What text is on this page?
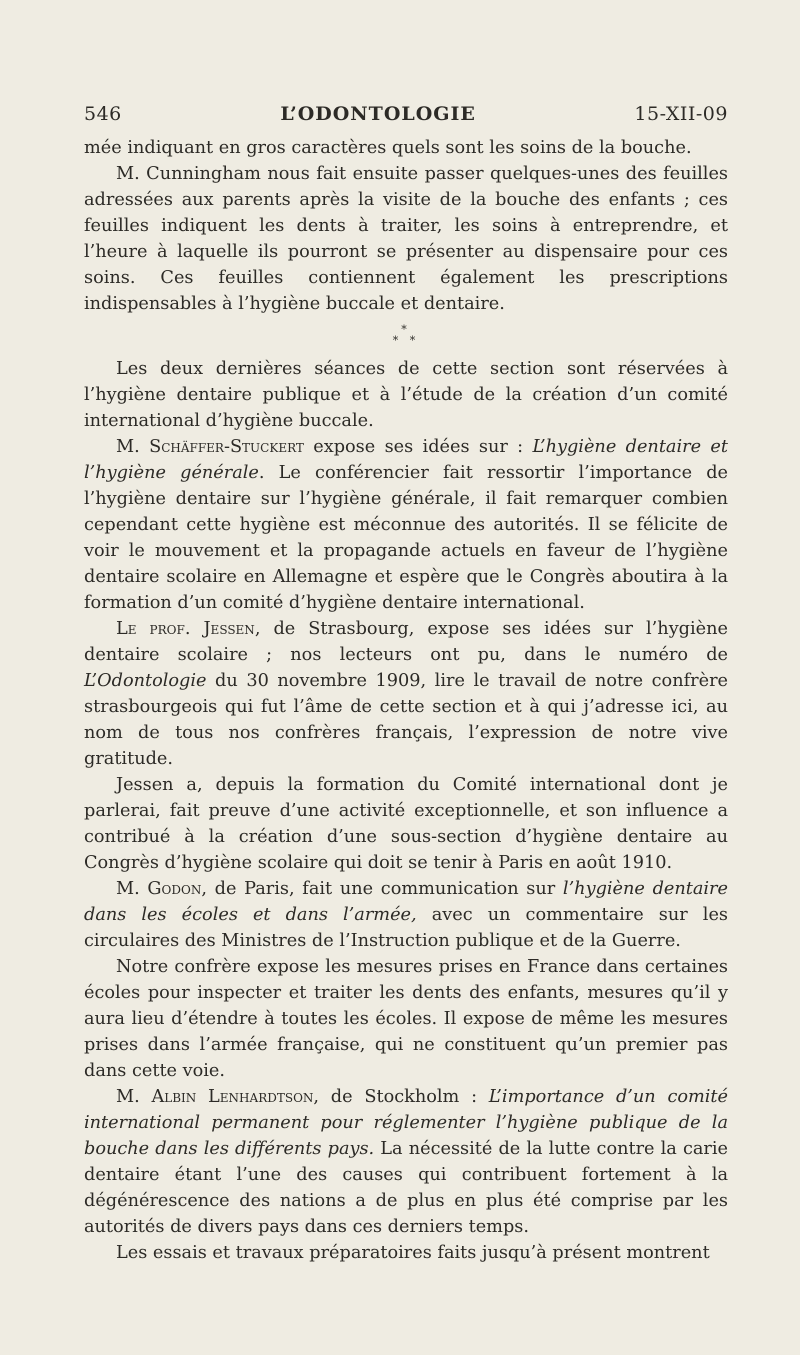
546	L’ODONTOLOGIE	15-XII-09

mée indiquant en gros caractères quels sont les soins de la bouche.

M. Cunningham nous fait ensuite passer quelques-unes des feuilles adressées aux parents après la visite de la bouche des enfants ; ces feuilles indiquent les dents à traiter, les soins à entreprendre, et l’heure à laquelle ils pourront se présenter au dispensaire pour ces soins. Ces feuilles contiennent également les prescriptions indispensables à l’hygiène buccale et dentaire.

*
* *

Les deux dernières séances de cette section sont réservées à l’hygiène dentaire publique et à l’étude de la création d’un comité international d’hygiène buccale.

M. Schäffer-Stuckert expose ses idées sur : L’hygiène dentaire et l’hygiène générale. Le conférencier fait ressortir l’importance de l’hygiène dentaire sur l’hygiène générale, il fait remarquer combien cependant cette hygiène est méconnue des autorités. Il se félicite de voir le mouvement et la propagande actuels en faveur de l’hygiène dentaire scolaire en Allemagne et espère que le Congrès aboutira à la formation d’un comité d’hygiène dentaire international.

Le prof. Jessen, de Strasbourg, expose ses idées sur l’hygiène dentaire scolaire ; nos lecteurs ont pu, dans le numéro de L’Odontologie du 30 novembre 1909, lire le travail de notre confrère strasbourgeois qui fut l’âme de cette section et à qui j’adresse ici, au nom de tous nos confrères français, l’expression de notre vive gratitude.

Jessen a, depuis la formation du Comité international dont je parlerai, fait preuve d’une activité exceptionnelle, et son influence a contribué à la création d’une sous-section d’hygiène dentaire au Congrès d’hygiène scolaire qui doit se tenir à Paris en août 1910.

M. Godon, de Paris, fait une communication sur l’hygiène dentaire dans les écoles et dans l’armée, avec un commentaire sur les circulaires des Ministres de l’Instruction publique et de la Guerre.

Notre confrère expose les mesures prises en France dans certaines écoles pour inspecter et traiter les dents des enfants, mesures qu’il y aura lieu d’étendre à toutes les écoles. Il expose de même les mesures prises dans l’armée française, qui ne constituent qu’un premier pas dans cette voie.

M. Albin Lenhardtson, de Stockholm : L’importance d’un comité international permanent pour réglementer l’hygiène publique de la bouche dans les différents pays. La nécessité de la lutte contre la carie dentaire étant l’une des causes qui contribuent fortement à la dégénérescence des nations a de plus en plus été comprise par les autorités de divers pays dans ces derniers temps.

Les essais et travaux préparatoires faits jusqu’à présent montrent
